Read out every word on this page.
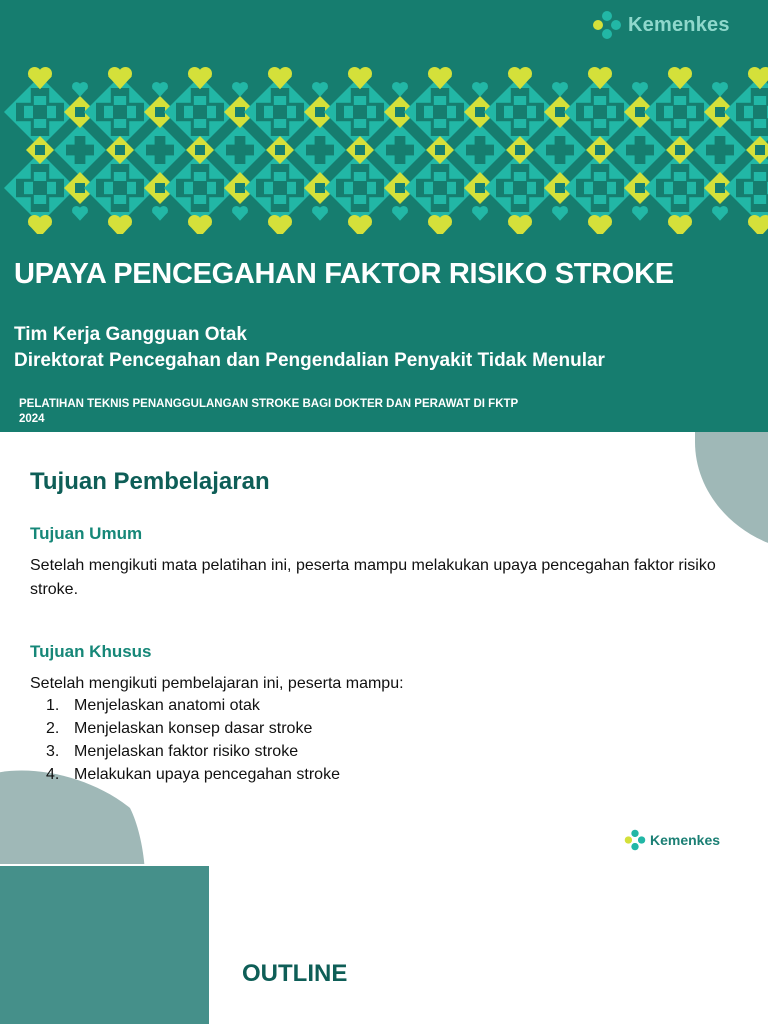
Kemenkes
UPAYA PENCEGAHAN FAKTOR RISIKO STROKE
Tim Kerja Gangguan Otak
Direktorat Pencegahan dan Pengendalian Penyakit Tidak Menular
PELATIHAN TEKNIS PENANGGULANGAN STROKE BAGI DOKTER DAN PERAWAT DI FKTP
2024
Tujuan Pembelajaran
Tujuan Umum
Setelah mengikuti mata pelatihan ini, peserta mampu melakukan upaya pencegahan faktor risiko stroke.
Tujuan Khusus
Setelah mengikuti pembelajaran ini, peserta mampu:
1. Menjelaskan anatomi otak
2. Menjelaskan konsep dasar stroke
3. Menjelaskan faktor risiko stroke
4. Melakukan upaya pencegahan stroke
Kemenkes
OUTLINE
